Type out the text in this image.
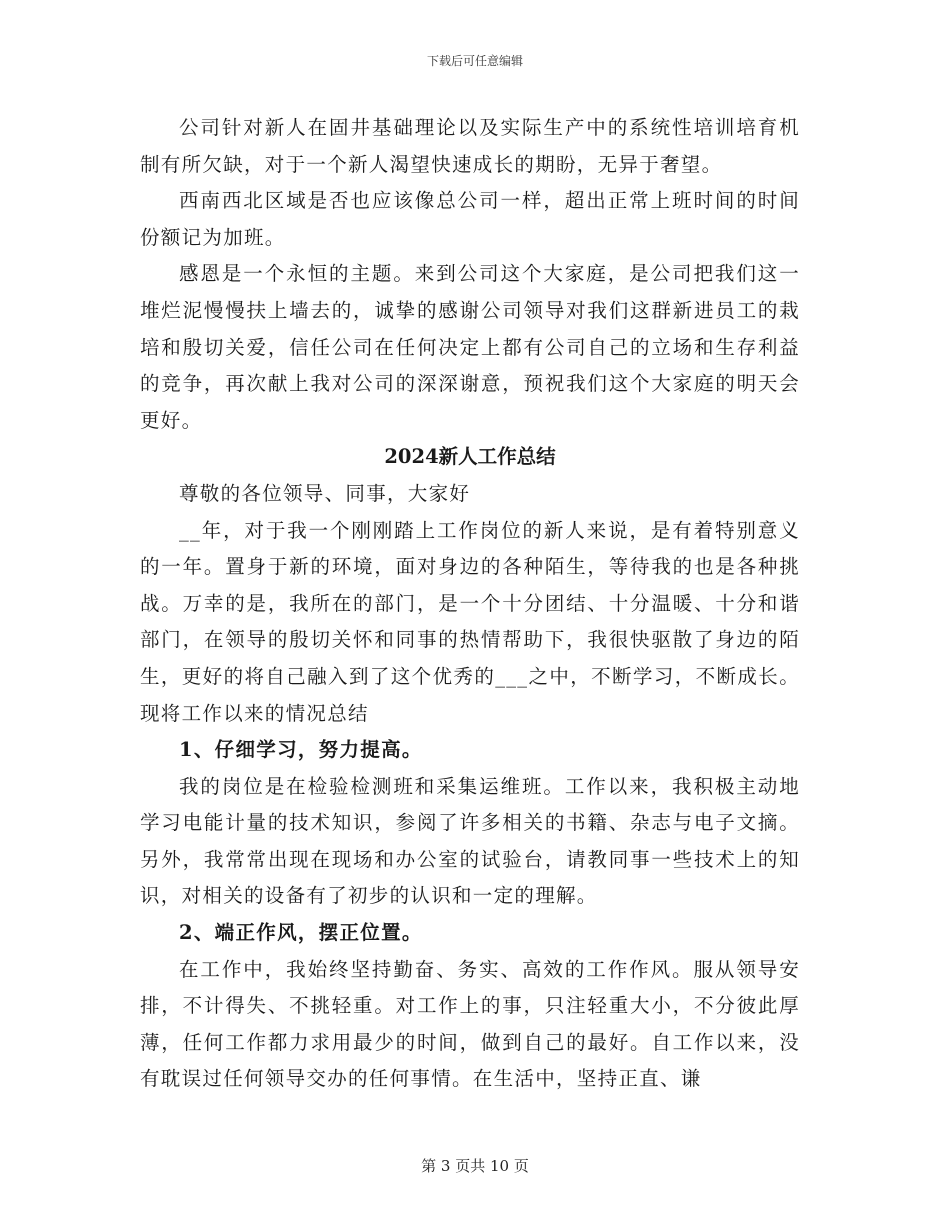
下载后可任意编辑

公司针对新人在固井基础理论以及实际生产中的系统性培训培育机制有所欠缺，对于一个新人渴望快速成长的期盼，无异于奢望。

西南西北区域是否也应该像总公司一样，超出正常上班时间的时间份额记为加班。

感恩是一个永恒的主题。来到公司这个大家庭，是公司把我们这一堆烂泥慢慢扶上墙去的，诚挚的感谢公司领导对我们这群新进员工的栽培和殷切关爱，信任公司在任何决定上都有公司自己的立场和生存利益的竞争，再次献上我对公司的深深谢意，预祝我们这个大家庭的明天会更好。

2024新人工作总结

尊敬的各位领导、同事，大家好

__年，对于我一个刚刚踏上工作岗位的新人来说，是有着特别意义的一年。置身于新的环境，面对身边的各种陌生，等待我的也是各种挑战。万幸的是，我所在的部门，是一个十分团结、十分温暖、十分和谐部门，在领导的殷切关怀和同事的热情帮助下，我很快驱散了身边的陌生，更好的将自己融入到了这个优秀的___之中，不断学习，不断成长。现将工作以来的情况总结

1、仔细学习，努力提高。

我的岗位是在检验检测班和采集运维班。工作以来，我积极主动地学习电能计量的技术知识，参阅了许多相关的书籍、杂志与电子文摘。另外，我常常出现在现场和办公室的试验台，请教同事一些技术上的知识，对相关的设备有了初步的认识和一定的理解。

2、端正作风，摆正位置。

在工作中，我始终坚持勤奋、务实、高效的工作作风。服从领导安排，不计得失、不挑轻重。对工作上的事，只注轻重大小，不分彼此厚薄，任何工作都力求用最少的时间，做到自己的最好。自工作以来，没有耽误过任何领导交办的任何事情。在生活中，坚持正直、谦

第 3 页共 10 页
